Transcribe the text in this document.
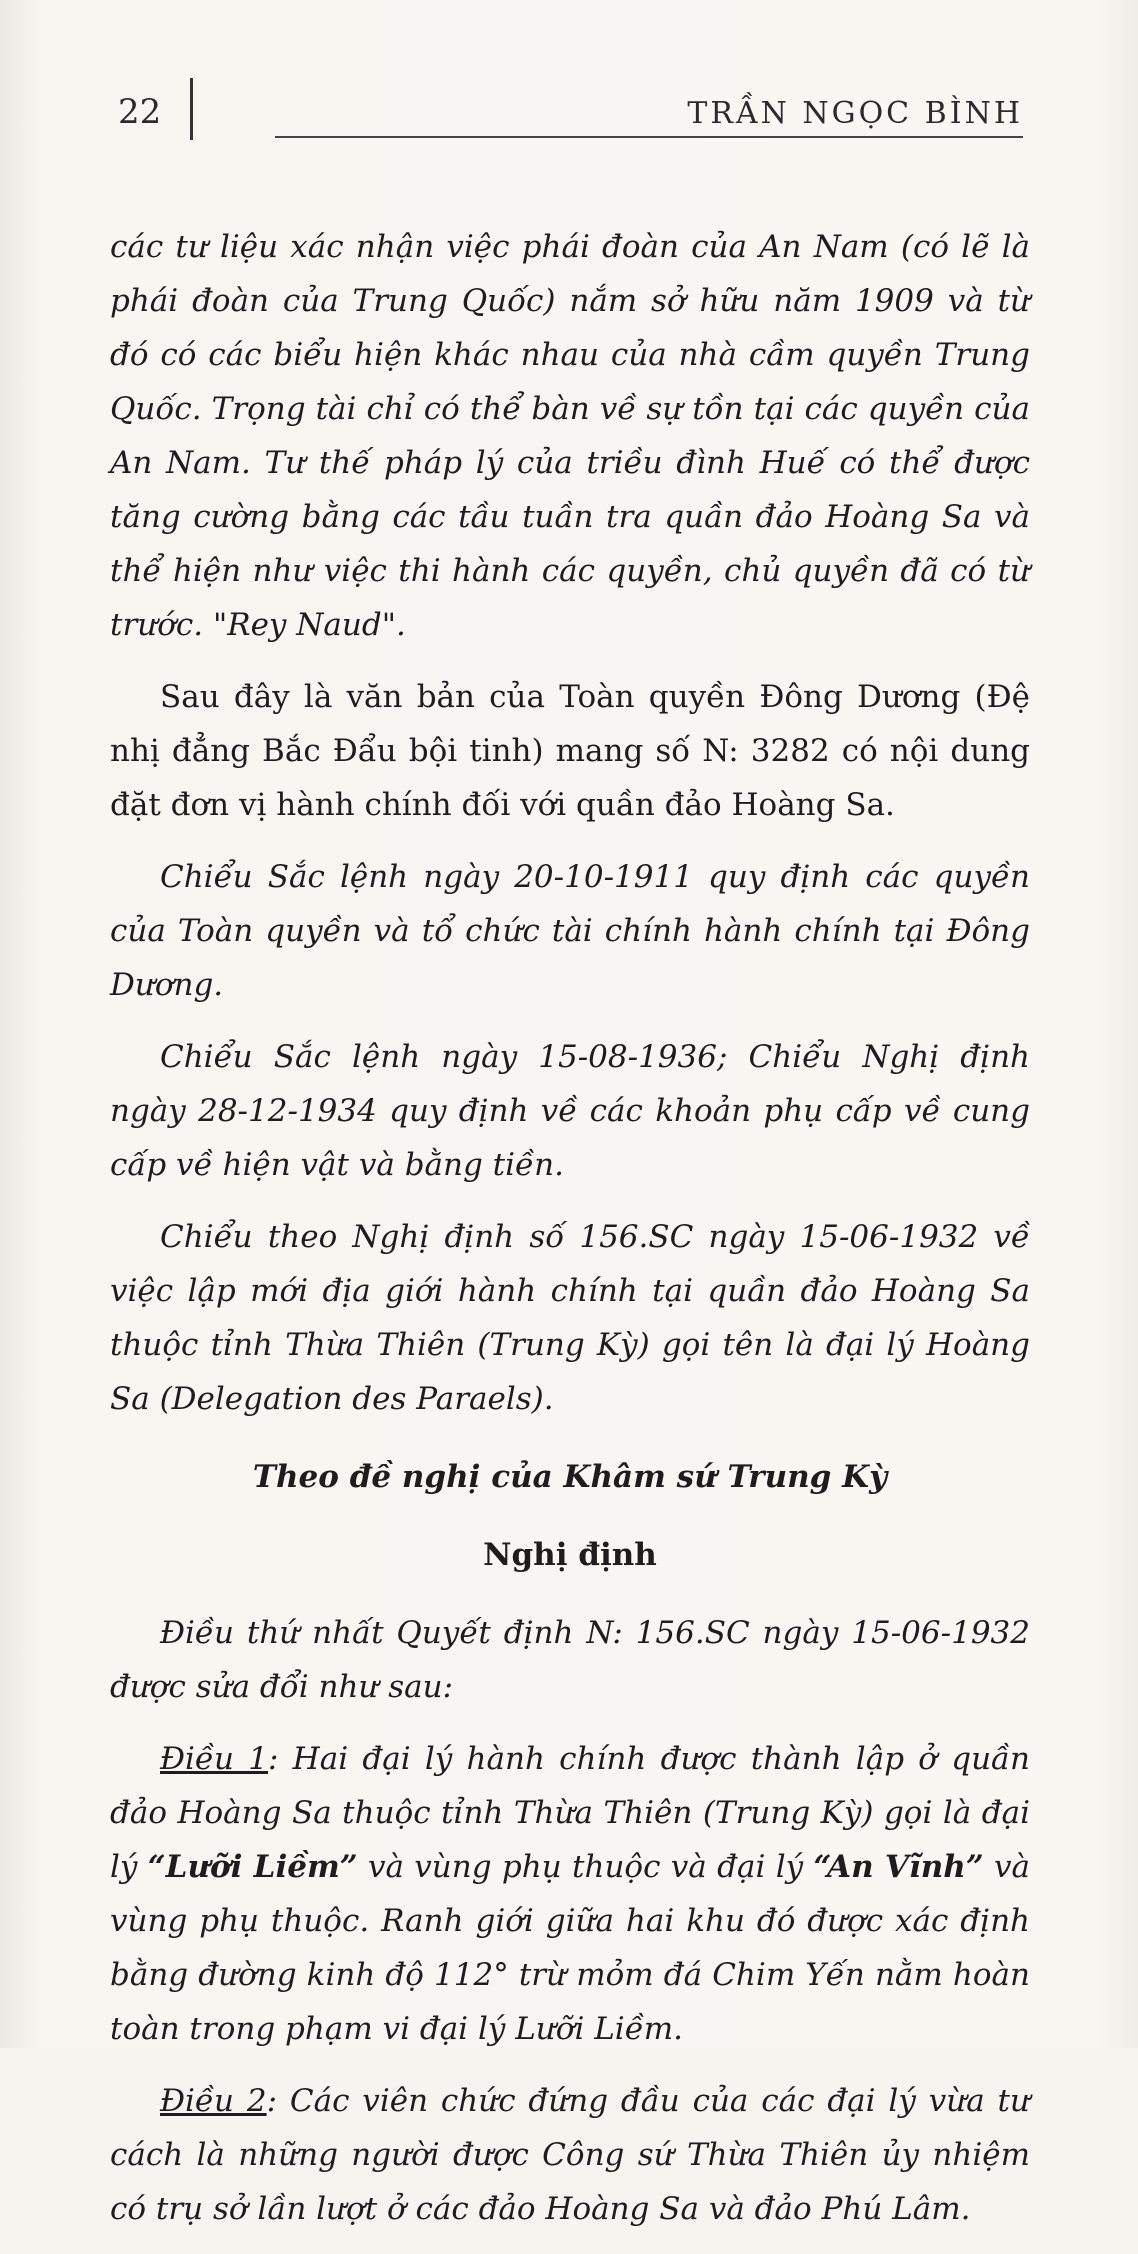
22	TRẦN NGỌC BÌNH

các tư liệu xác nhận việc phái đoàn của An Nam (có lẽ là phái đoàn của Trung Quốc) nắm sở hữu năm 1909 và từ đó có các biểu hiện khác nhau của nhà cầm quyền Trung Quốc. Trọng tài chỉ có thể bàn về sự tồn tại các quyền của An Nam. Tư thế pháp lý của triều đình Huế có thể được tăng cường bằng các tầu tuần tra quần đảo Hoàng Sa và thể hiện như việc thi hành các quyền, chủ quyền đã có từ trước. "Rey Naud".

Sau đây là văn bản của Toàn quyền Đông Dương (Đệ nhị đẳng Bắc Đẩu bội tinh) mang số N: 3282 có nội dung đặt đơn vị hành chính đối với quần đảo Hoàng Sa.

Chiểu Sắc lệnh ngày 20-10-1911 quy định các quyền của Toàn quyền và tổ chức tài chính hành chính tại Đông Dương.

Chiểu Sắc lệnh ngày 15-08-1936; Chiểu Nghị định ngày 28-12-1934 quy định về các khoản phụ cấp về cung cấp về hiện vật và bằng tiền.

Chiểu theo Nghị định số 156.SC ngày 15-06-1932 về việc lập mới địa giới hành chính tại quần đảo Hoàng Sa thuộc tỉnh Thừa Thiên (Trung Kỳ) gọi tên là đại lý Hoàng Sa (Delegation des Paraels).

Theo đề nghị của Khâm sứ Trung Kỳ
Nghị định

Điều thứ nhất Quyết định N: 156.SC ngày 15-06-1932 được sửa đổi như sau:

Điều 1: Hai đại lý hành chính được thành lập ở quần đảo Hoàng Sa thuộc tỉnh Thừa Thiên (Trung Kỳ) gọi là đại lý “Lưỡi Liềm” và vùng phụ thuộc và đại lý “An Vĩnh” và vùng phụ thuộc. Ranh giới giữa hai khu đó được xác định bằng đường kinh độ 112° trừ mỏm đá Chim Yến nằm hoàn toàn trong phạm vi đại lý Lưỡi Liềm.

Điều 2: Các viên chức đứng đầu của các đại lý vừa tư cách là những người được Công sứ Thừa Thiên ủy nhiệm có trụ sở lần lượt ở các đảo Hoàng Sa và đảo Phú Lâm.
